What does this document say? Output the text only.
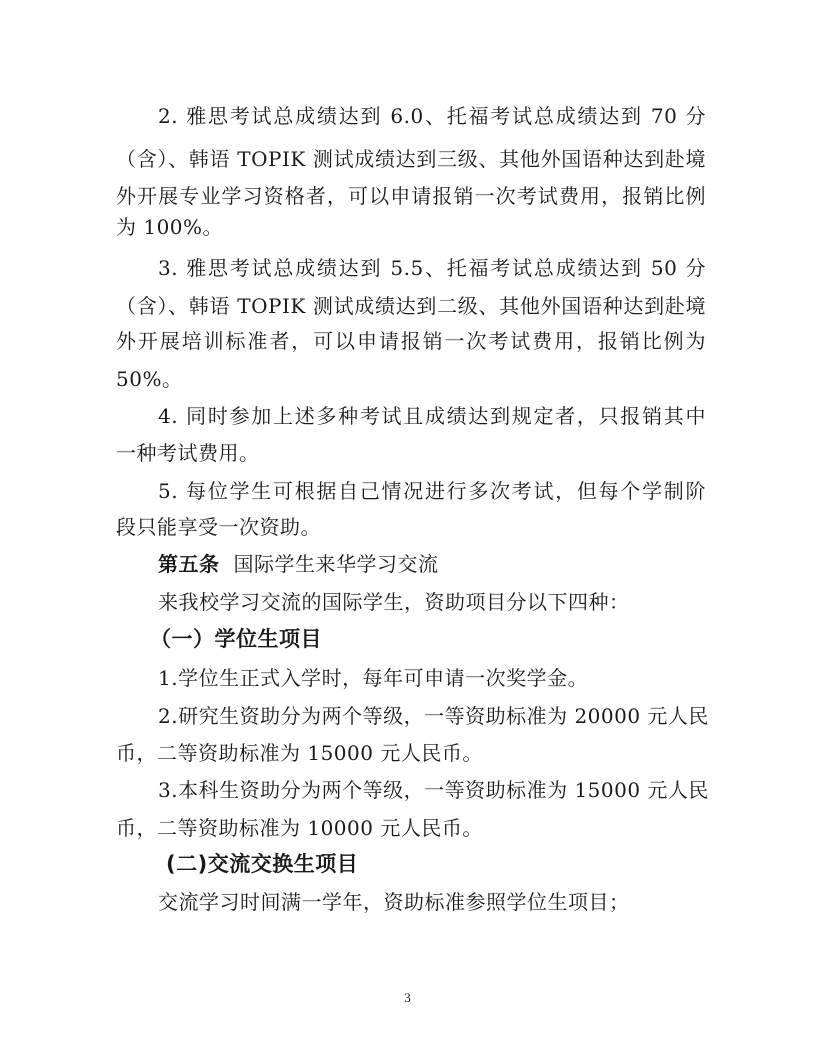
2. 雅思考试总成绩达到 6.0、托福考试总成绩达到 70 分
（含）、韩语 TOPIK 测试成绩达到三级、其他外国语种达到赴境
外开展专业学习资格者，可以申请报销一次考试费用，报销比例
为 100%。
3. 雅思考试总成绩达到 5.5、托福考试总成绩达到 50 分
（含）、韩语 TOPIK 测试成绩达到二级、其他外国语种达到赴境
外开展培训标准者，可以申请报销一次考试费用，报销比例为
50%。
4. 同时参加上述多种考试且成绩达到规定者，只报销其中
一种考试费用。
5. 每位学生可根据自己情况进行多次考试，但每个学制阶
段只能享受一次资助。
第五条 国际学生来华学习交流
来我校学习交流的国际学生，资助项目分以下四种：
（一）学位生项目
1.学位生正式入学时，每年可申请一次奖学金。
2.研究生资助分为两个等级，一等资助标准为 20000 元人民
币，二等资助标准为 15000 元人民币。
3.本科生资助分为两个等级，一等资助标准为 15000 元人民
币，二等资助标准为 10000 元人民币。
(二)交流交换生项目
交流学习时间满一学年，资助标准参照学位生项目；
3
